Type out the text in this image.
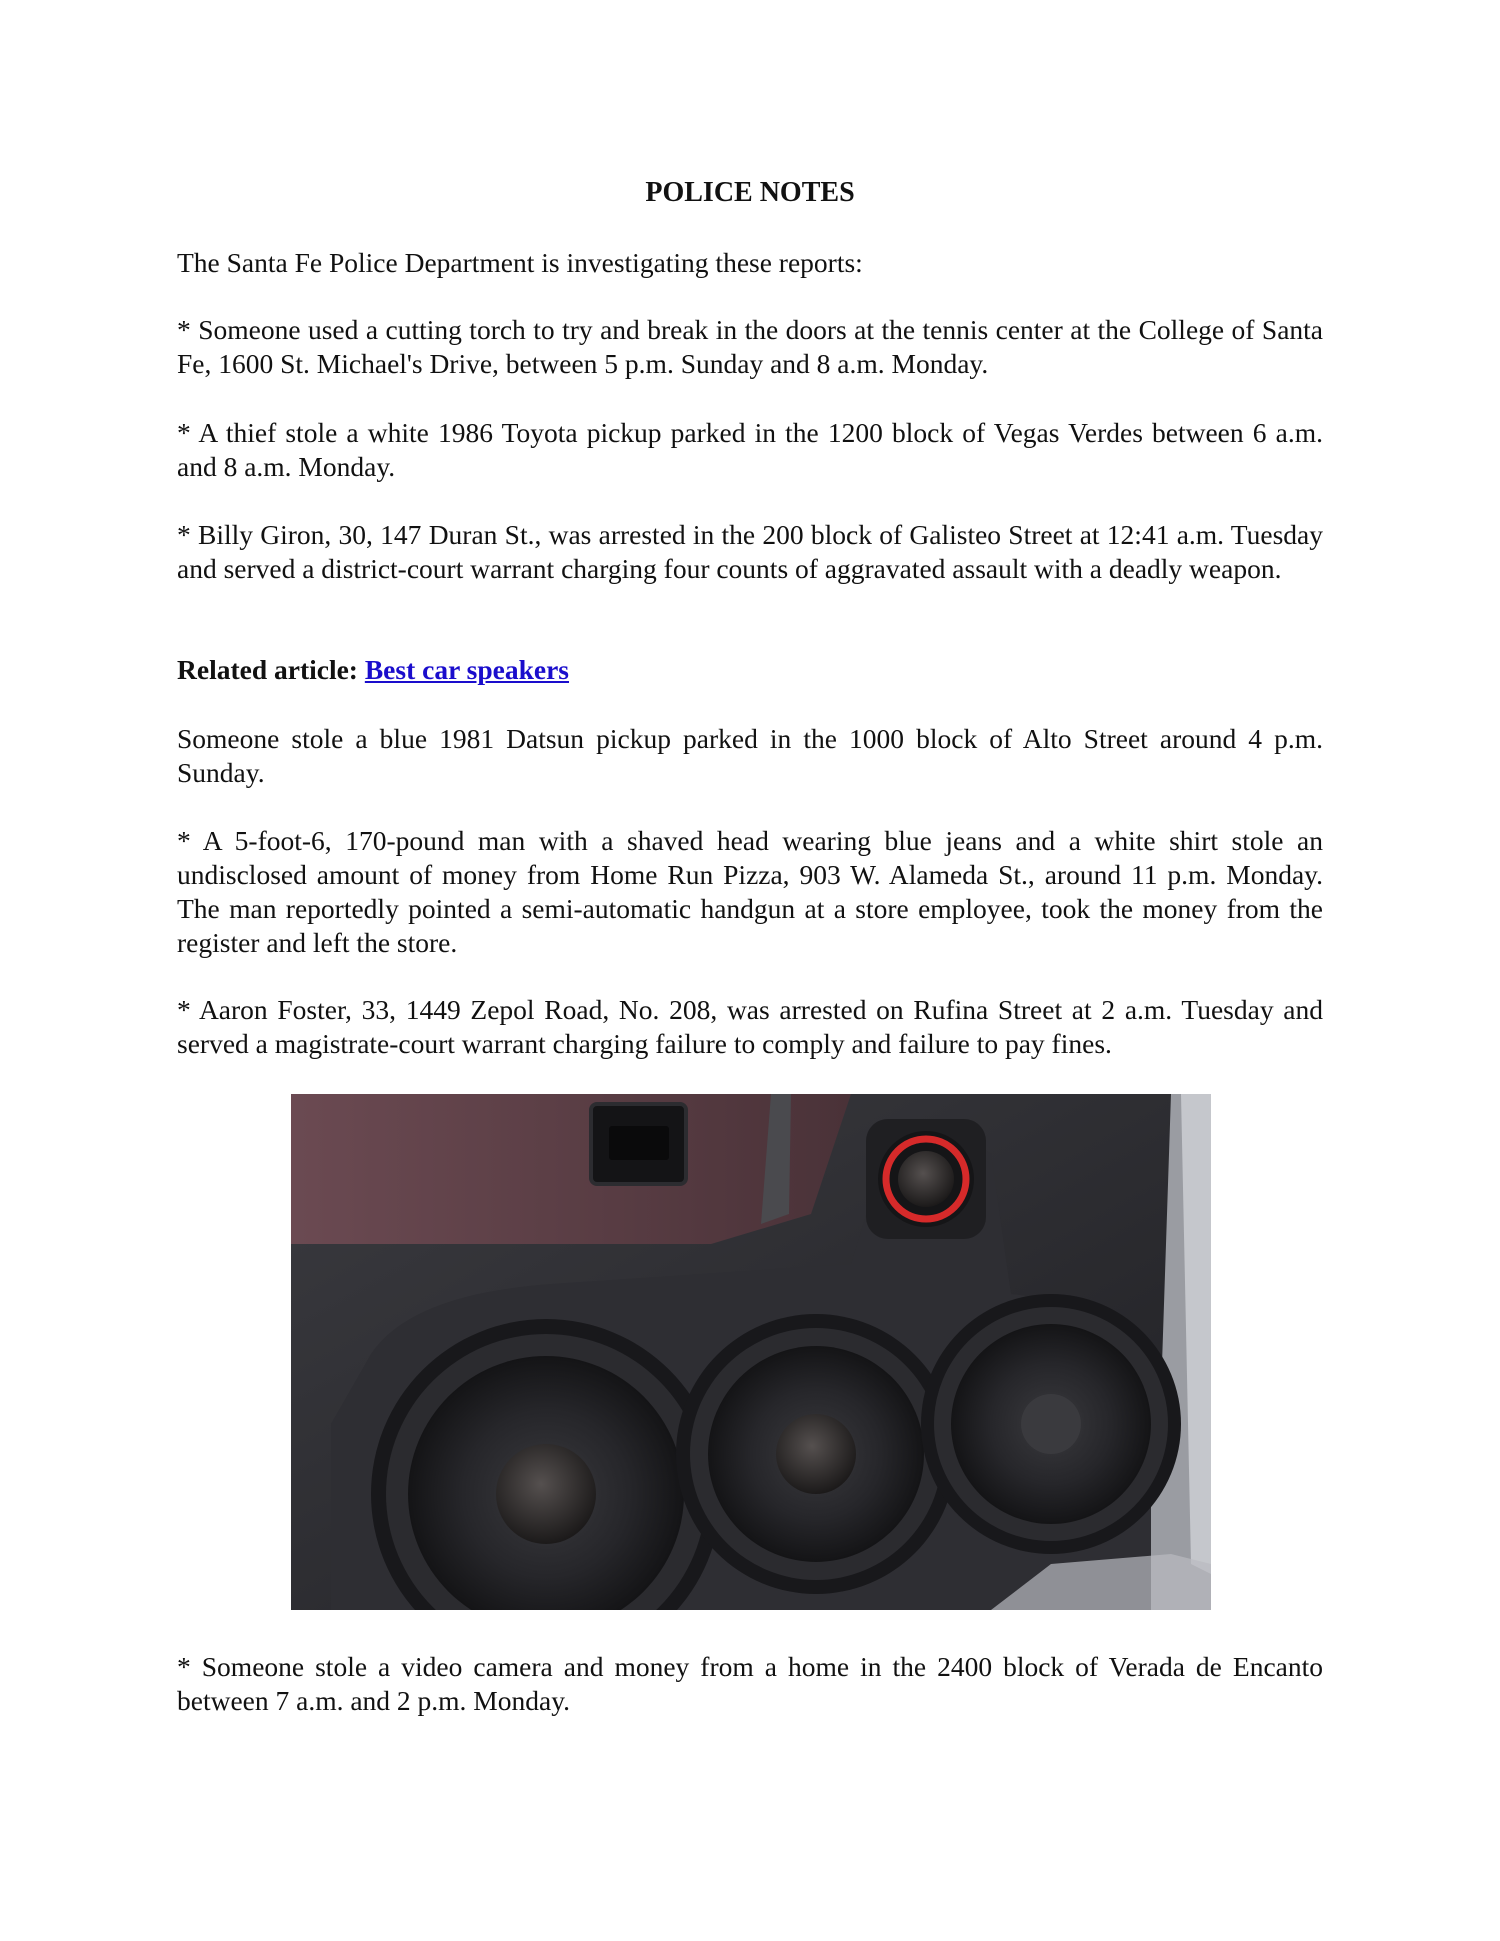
POLICE NOTES

The Santa Fe Police Department is investigating these reports:

* Someone used a cutting torch to try and break in the doors at the tennis center at the College of Santa Fe, 1600 St. Michael's Drive, between 5 p.m. Sunday and 8 a.m. Monday.

* A thief stole a white 1986 Toyota pickup parked in the 1200 block of Vegas Verdes between 6 a.m. and 8 a.m. Monday.

* Billy Giron, 30, 147 Duran St., was arrested in the 200 block of Galisteo Street at 12:41 a.m. Tuesday and served a district-court warrant charging four counts of aggravated assault with a deadly weapon.

Related article: Best car speakers

Someone stole a blue 1981 Datsun pickup parked in the 1000 block of Alto Street around 4 p.m. Sunday.

* A 5-foot-6, 170-pound man with a shaved head wearing blue jeans and a white shirt stole an undisclosed amount of money from Home Run Pizza, 903 W. Alameda St., around 11 p.m. Monday. The man reportedly pointed a semi-automatic handgun at a store employee, took the money from the register and left the store.

* Aaron Foster, 33, 1449 Zepol Road, No. 208, was arrested on Rufina Street at 2 a.m. Tuesday and served a magistrate-court warrant charging failure to comply and failure to pay fines.

* Someone stole a video camera and money from a home in the 2400 block of Verada de Encanto between 7 a.m. and 2 p.m. Monday.
